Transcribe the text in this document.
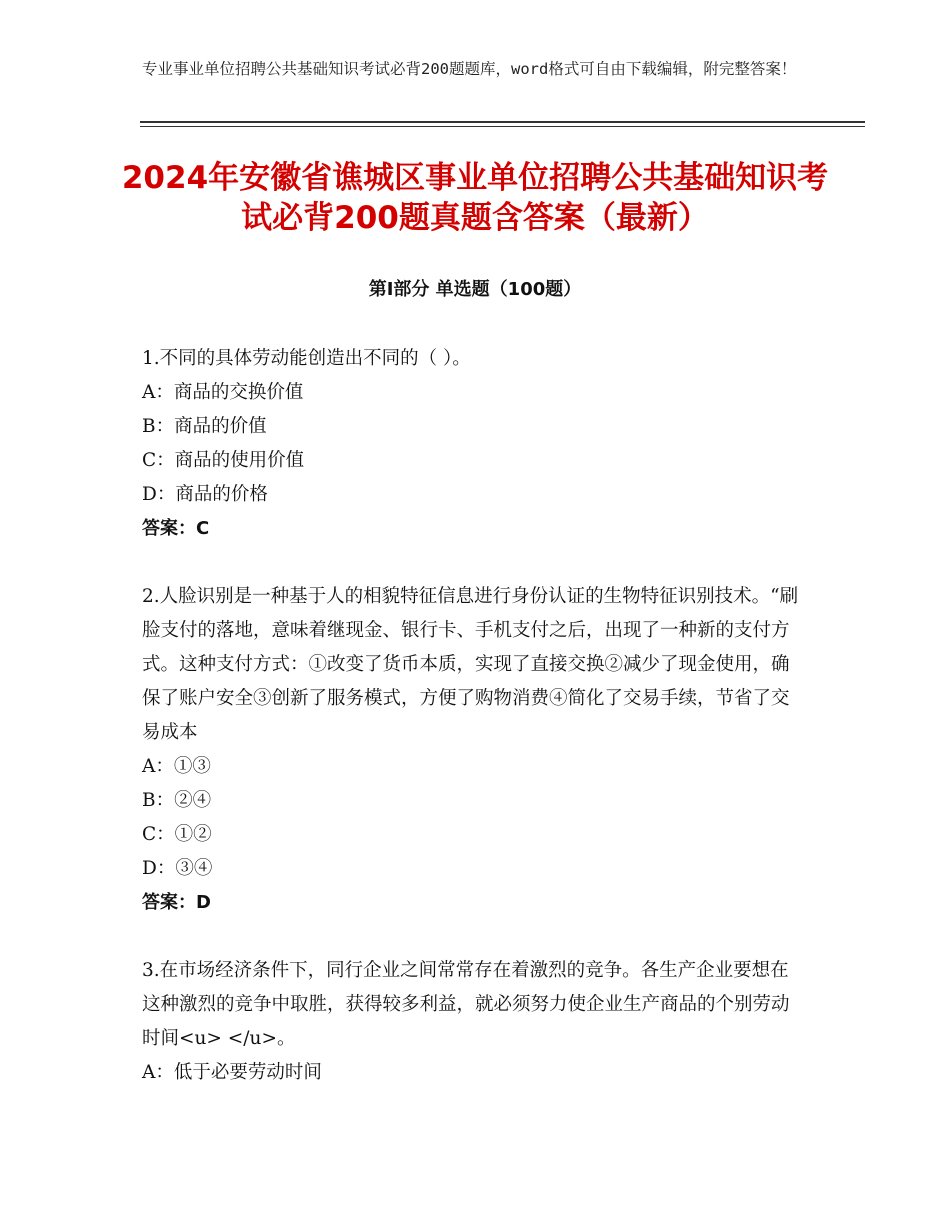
专业事业单位招聘公共基础知识考试必背200题题库，word格式可自由下载编辑，附完整答案！
2024年安徽省谯城区事业单位招聘公共基础知识考试必背200题真题含答案（最新）
第Ⅰ部分 单选题（100题）

1.不同的具体劳动能创造出不同的（ ）。

A：商品的交换价值

B：商品的价值

C：商品的使用价值

D：商品的价格

答案：C

2.人脸识别是一种基于人的相貌特征信息进行身份认证的生物特征识别技术。“刷脸支付的落地，意味着继现金、银行卡、手机支付之后，出现了一种新的支付方式。这种支付方式：①改变了货币本质，实现了直接交换②减少了现金使用，确保了账户安全③创新了服务模式，方便了购物消费④简化了交易手续，节省了交易成本

A：①③

B：②④

C：①②

D：③④

答案：D

3.在市场经济条件下，同行企业之间常常存在着激烈的竞争。各生产企业要想在这种激烈的竞争中取胜，获得较多利益，就必须努力使企业生产商品的个别劳动时间<u> </u>。

A：低于必要劳动时间
